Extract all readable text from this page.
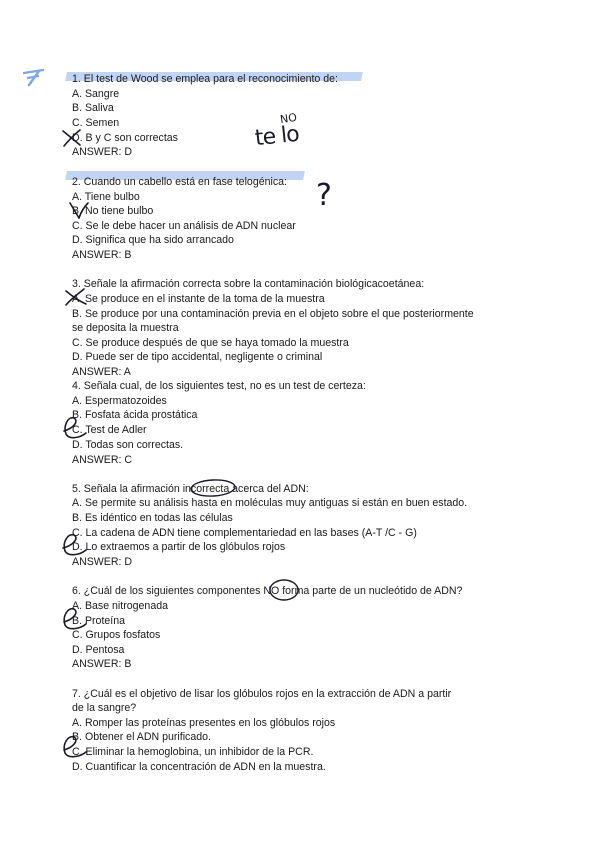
1. El test de Wood se emplea para el reconocimiento de:
A. Sangre
B. Saliva
C. Semen
D. B y C son correctas
ANSWER: D
2. Cuando un cabello está en fase telogénica:
A. Tiene bulbo
B. No tiene bulbo
C. Se le debe hacer un análisis de ADN nuclear
D. Significa que ha sido arrancado
ANSWER: B
3. Señale la afirmación correcta sobre la contaminación biológicacoetánea:
A. Se produce en el instante de la toma de la muestra
B. Se produce por una contaminación previa en el objeto sobre el que posteriormente
se deposita la muestra
C. Se produce después de que se haya tomado la muestra
D. Puede ser de tipo accidental, negligente o criminal
ANSWER: A
4. Señala cual, de los siguientes test, no es un test de certeza:
A. Espermatozoides
B. Fosfata ácida prostática
C. Test de Adler
D. Todas son correctas.
ANSWER: C
5. Señala la afirmación incorrecta acerca del ADN:
A. Se permite su análisis hasta en moléculas muy antiguas si están en buen estado.
B. Es idéntico en todas las células
C. La cadena de ADN tiene complementariedad en las bases (A-T /C - G)
D. Lo extraemos a partir de los glóbulos rojos
ANSWER: D
6. ¿Cuál de los siguientes componentes NO forma parte de un nucleótido de ADN?
A. Base nitrogenada
B. Proteína
C. Grupos fosfatos
D. Pentosa
ANSWER: B
7. ¿Cuál es el objetivo de lisar los glóbulos rojos en la extracción de ADN a partir
de la sangre?
A. Romper las proteínas presentes en los glóbulos rojos
B. Obtener el ADN purificado.
C. Eliminar la hemoglobina, un inhibidor de la PCR.
D. Cuantificar la concentración de ADN en la muestra.
NO
te lo
?
